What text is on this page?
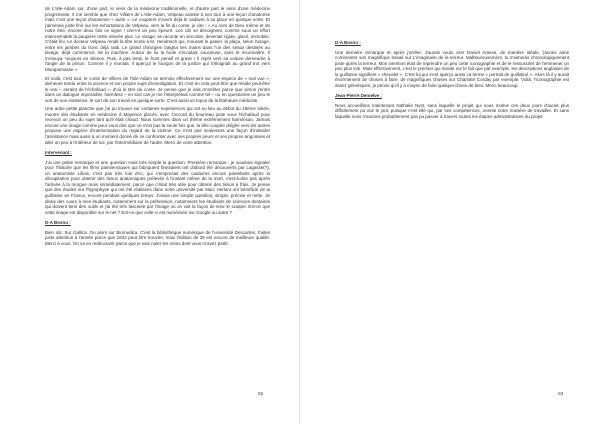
de L'Isle-Adam sur, d'une part, le sens de la médecine traditionnelle, et d'autre part le sens d'une médecine progressiste. Il me semble que chez Villiers de L'Isle-Adam, Velpeau assiste à son tour à une leçon d'anatomie mais c'est une leçon d'anatomie « autre ». Le couperet s'ouvre déjà le cadavre à sa place en quelque sorte. Et j'aimerais juste finir sur les exhortations de Velpeau, vers la fin du conte, je cite : « Au nom de Dieu même et de notre être, encore deux fois ce signe ! crie-t-il un peu épeuré. Les cils se décoignent, comme sous un effort intermemable la paupière reste relevée plus. Le visage, se raconte en seconde, devenait rigide, glacé, immobile. C'était fini. Le docteur Velpeau rendit la tête morte à M. Hendreich qui, mourant le panier, la plaça, selon l'usage, entre les jambes du tronc déjà raidi. Le grand chirurgien baigna ses mains dans l'un des seaux destinés au lavage, déjà commencé, de la machine. Autour de lui la foule s'écoulait, soucieuse, sans le reconnaître. Il s'essuya, toujours en silence. Puis, à pas lents, le front pensif et grave ! Il reprit vers sa voiture demeurée à l'angle de la prison. Comme il y montait, il aperçut le fourgon de la justice qui s'éloignait au grand trot vers Montparnasse ».

Et voilà, c'est tout, le conte de Villiers de l'Isle-Adam se termine effectivement sur une espèce de « mal vue », demeure tendu entre la science et son propre sujet d'investigation. Et c'est en cela peut-être que réside peut-être le vrai – seraint de l'échafaud », d'où le titre du conte. Je pense que je vais m'arrêter parce que simon j'entre dans un dialogue impossible, harmless – en tout cas je me l'interprétais comme tel – ou en questionne un peu le sort de son existence, le sort de son travail en quelque sorte. C'est aussi un topos de la littérature médicale.

Une autre petite planche que j'ai pu trouver sur certaines expériences qui ont eu lieu au début du 19ème siècle, montre des étudiants en médecine à Mayence placés, avec l'accord du bourreau juste sous l'échafaud pour recevoir un peu du sujet tant qu'il était chaud. Nous sommes dans un thème extrêmement harmlésan. Jamais encore une image comme pour vous dire que ce n'est pas la seule fois que, la tête coupée dirigée vers les autres propose une espèce d'interiorisation du regard de la victime. Ce n'est pas seulement une façon d'intimider l'assistance mais aussi à un moment donné de se confronter avec ses propres peurs et ses propres angoisses et aller un peu à l'intérieur de soi, par l'intermédiaire de l'autre. Merci de votre attention.

Intervenant :

J'ai une petite remarque et une question mais très simple la question. Première remarque : je voudrais signaler pour l'histoire que les films parisiens/ques qui fabriquent finissaient ont d'abord été découverts par Lagasse(?), un anatomiste Lillois, c'est pas très loin d'ici, qui s'empresait des cadavres encore pantelants après la décapitation pour obtenir des tissus anatomiques prélevés à l'instant même de la mort, c'est-à-dire pas après l'arrivée à la morgue mais immédiatement, parce que c'était très utile pour obtenir des tissus à frais. Je pense que des études sur l'hypophyse qui ont été réalisées dans notre université par Marc Herlant ont bénéficié de la guillotine en France, encore pendant quelques temps. J'avais une simple question, simple, précise et nette. Je dirais des cours à mes étudiants, notamment sur la préhension, notamment les étudiants de sciences dentaires qui doivent tenir des outils et j'ai été très fascinée par l'image où on voit la façon de tenir le scalpel. Est-ce que cette image est disponible sur le net ? Est-ce que celle-ci est numérisée sur Google ou autre ?

D-A Bosnu :

Bien sûr. Sur Gallica. Ou alors sur Biomedica. C'est la bibliothèque numérique de l'université Descartes. Faites juste attention à l'année parce que 1832 peut être trouvée, mais l'édition de 39 est encore de meilleure qualité. Merci à vous. On va en redécouvrir parce que je vais noter les noms dont vous m'avez parlé.

92
D-A Bosnu :

Une dernière remarque et après j'arrête. J'aurais voulu citer Daniel Arasse, de manière idéale, j'aurais aimé commenter son magnifique travail sur L'imaginaire de la terreur. Malheureusement, tu n'aimeras chronologiquement juste après la terreur. Mon intention était de reprendre un peu cette iconographie et de le ressusciter de l'emmener un peu plus loin. Mais effectivement, c'est le premier qui insiste sur le fait que par exemple, les descriptions anglaises de la guillotine signifient « chevalet ». C'est lui qui s'est aperçu aussi ca terme « portrait de guillotiné ». Alors là il y aurait énormément de choses à faire, de magnifiques choses sur Charlotte Corday par exemple. Voilà. l'iconographie est assez génériques, je pense qu'il y a moyen de faire quelque chose de bien. Merci beaucoup.

Jean-Pierre Demelve :

Nous accueillons maintenant Nathalie Nyst, sans laquelle le projet qui nous motive ces deux jours d'aurait plus difficilement pu voir le jour, puisque c'est elle qui, par ses compétences, oriente notre manière de travailler. Et sans laquelle nous n'aurions probablement pas pu passer à travers toutes les étapes administratives du projet.

93
